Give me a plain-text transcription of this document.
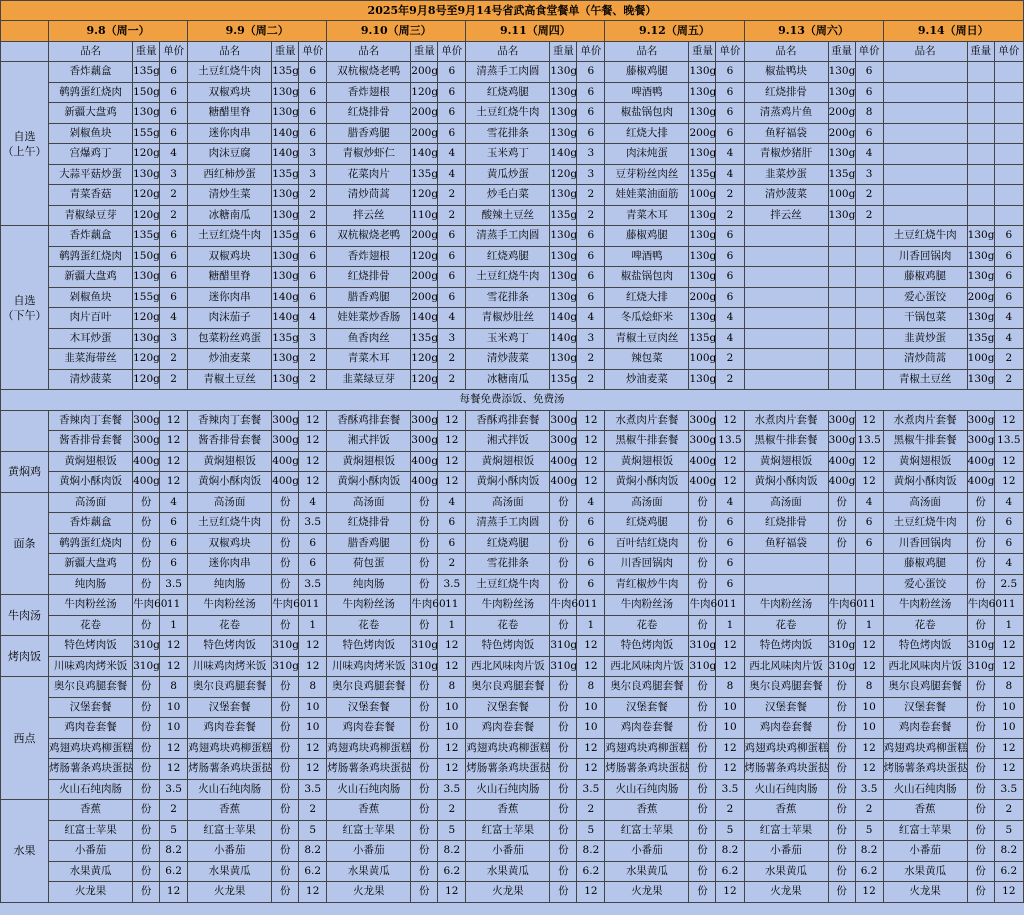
2025年9月8号至9月14号省武高食堂餐单（午餐、晚餐）																					
	9.8（周一）			9.9（周二）			9.10（周三）			9.11（周四）			9.12（周五）			9.13（周六）			9.14（周日）		
	品名	重量	单价	品名	重量	单价	品名	重量	单价	品名	重量	单价	品名	重量	单价	品名	重量	单价	品名	重量	单价
自选
（上午）	香炸藕盒	135g	6	土豆红烧牛肉	135g	6	双杭椒烧老鸭	200g	6	清蒸手工肉圆	130g	6	藤椒鸡腿	130g	6	椒盐鸭块	130g	6			
	鹌鹑蛋红烧肉	150g	6	双椒鸡块	130g	6	香炸翅根	120g	6	红烧鸡腿	130g	6	啤酒鸭	130g	6	红烧排骨	130g	6			
	新疆大盘鸡	130g	6	糖醋里脊	130g	6	红烧排骨	200g	6	土豆红烧牛肉	130g	6	椒盐锅包肉	130g	6	清蒸鸡片鱼	200g	8			
	剁椒鱼块	155g	6	迷你肉串	140g	6	腊香鸡腿	200g	6	雪花排条	130g	6	红烧大排	200g	6	鱼籽福袋	200g	6			
	宫爆鸡丁	120g	4	肉沫豆腐	140g	3	青椒炒虾仁	140g	4	玉米鸡丁	140g	3	肉沫炖蛋	130g	4	青椒炒猪肝	130g	4			
	大蒜平菇炒蛋	130g	3	西红柿炒蛋	135g	3	花菜肉片	135g	4	黄瓜炒蛋	120g	3	豆芽粉丝肉丝	135g	4	韭菜炒蛋	135g	3			
	青菜香菇	120g	2	清炒生菜	130g	2	清炒茼蒿	120g	2	炒毛白菜	130g	2	娃娃菜油面筋	100g	2	清炒菠菜	100g	2			
	青椒绿豆芽	120g	2	冰糖南瓜	130g	2	拌云丝	110g	2	酸辣土豆丝	135g	2	青菜木耳	130g	2	拌云丝	130g	2			
自选
（下午）	香炸藕盒	135g	6	土豆红烧牛肉	135g	6	双杭椒烧老鸭	200g	6	清蒸手工肉圆	130g	6	藤椒鸡腿	130g	6				土豆红烧牛肉	130g	6
	鹌鹑蛋红烧肉	150g	6	双椒鸡块	130g	6	香炸翅根	120g	6	红烧鸡腿	130g	6	啤酒鸭	130g	6				川香回锅肉	130g	6
	新疆大盘鸡	130g	6	糖醋里脊	130g	6	红烧排骨	200g	6	土豆红烧牛肉	130g	6	椒盐锅包肉	130g	6				藤椒鸡腿	130g	6
	剁椒鱼块	155g	6	迷你肉串	140g	6	腊香鸡腿	200g	6	雪花排条	130g	6	红烧大排	200g	6				爱心蛋饺	200g	6
	肉片百叶	120g	4	肉沫茄子	140g	4	娃娃菜炒香肠	140g	4	青椒炒肚丝	140g	4	冬瓜烩虾米	130g	4				干锅包菜	130g	4
	木耳炒蛋	130g	3	包菜粉丝鸡蛋	135g	3	鱼香肉丝	135g	3	玉米鸡丁	140g	3	青椒土豆肉丝	135g	4				韭黄炒蛋	135g	4
	韭菜海带丝	120g	2	炒油麦菜	130g	2	青菜木耳	120g	2	清炒菠菜	130g	2	辣包菜	100g	2				清炒茼蒿	100g	2
	清炒菠菜	120g	2	青椒土豆丝	130g	2	韭菜绿豆芽	120g	2	冰糖南瓜	135g	2	炒油麦菜	130g	2				青椒土豆丝	130g	2
每餐免费添饭、免费汤																					
	香辣肉丁套餐	300g	12	香辣肉丁套餐	300g	12	香酥鸡排套餐	300g	12	香酥鸡排套餐	300g	12	水煮肉片套餐	300g	12	水煮肉片套餐	300g	12	水煮肉片套餐	300g	12
	酱香排骨套餐	300g	12	酱香排骨套餐	300g	12	湘式拌饭	300g	12	湘式拌饭	300g	12	黑椒牛排套餐	300g	13.5	黑椒牛排套餐	300g	13.5	黑椒牛排套餐	300g	13.5
黄焖鸡	黄焖翅根饭	400g	12	黄焖翅根饭	400g	12	黄焖翅根饭	400g	12	黄焖翅根饭	400g	12	黄焖翅根饭	400g	12	黄焖翅根饭	400g	12	黄焖翅根饭	400g	12
	黄焖小酥肉饭	400g	12	黄焖小酥肉饭	400g	12	黄焖小酥肉饭	400g	12	黄焖小酥肉饭	400g	12	黄焖小酥肉饭	400g	12	黄焖小酥肉饭	400g	12	黄焖小酥肉饭	400g	12
面条	高汤面	份	4	高汤面	份	4	高汤面	份	4	高汤面	份	4	高汤面	份	4	高汤面	份	4	高汤面	份	4
	香炸藕盒	份	6	土豆红烧牛肉	份	3.5	红烧排骨	份	6	清蒸手工肉圆	份	6	红烧鸡腿	份	6	红烧排骨	份	6	土豆红烧牛肉	份	6
	鹌鹑蛋红烧肉	份	6	双椒鸡块	份	6	腊香鸡腿	份	6	红烧鸡腿	份	6	百叶结红烧肉	份	6	鱼籽福袋	份	6	川香回锅肉	份	6
	新疆大盘鸡	份	6	迷你肉串	份	6	荷包蛋	份	2	雪花排条	份	6	川香回锅肉	份	6				藤椒鸡腿	份	4
	纯肉肠	份	3.5	纯肉肠	份	3.5	纯肉肠	份	3.5	土豆红烧牛肉	份	6	青红椒炒牛肉	份	6				爱心蛋饺	份	2.5
牛肉汤	牛肉粉丝汤	牛肉60	11	牛肉粉丝汤	牛肉60	11	牛肉粉丝汤	牛肉60	11	牛肉粉丝汤	牛肉60	11	牛肉粉丝汤	牛肉60	11	牛肉粉丝汤	牛肉60	11	牛肉粉丝汤	牛肉60	11
	花卷	份	1	花卷	份	1	花卷	份	1	花卷	份	1	花卷	份	1	花卷	份	1	花卷	份	1
烤肉饭	特色烤肉饭	310g	12	特色烤肉饭	310g	12	特色烤肉饭	310g	12	特色烤肉饭	310g	12	特色烤肉饭	310g	12	特色烤肉饭	310g	12	特色烤肉饭	310g	12
	川味鸡肉烤米饭	310g	12	川味鸡肉烤米饭	310g	12	川味鸡肉烤米饭	310g	12	西北风味肉片饭	310g	12	西北风味肉片饭	310g	12	西北风味肉片饭	310g	12	西北风味肉片饭	310g	12
西点	奥尔良鸡腿套餐	份	8	奥尔良鸡腿套餐	份	8	奥尔良鸡腿套餐	份	8	奥尔良鸡腿套餐	份	8	奥尔良鸡腿套餐	份	8	奥尔良鸡腿套餐	份	8	奥尔良鸡腿套餐	份	8
	汉堡套餐	份	10	汉堡套餐	份	10	汉堡套餐	份	10	汉堡套餐	份	10	汉堡套餐	份	10	汉堡套餐	份	10	汉堡套餐	份	10
	鸡肉卷套餐	份	10	鸡肉卷套餐	份	10	鸡肉卷套餐	份	10	鸡肉卷套餐	份	10	鸡肉卷套餐	份	10	鸡肉卷套餐	份	10	鸡肉卷套餐	份	10
	鸡翅鸡块鸡柳蛋糕	份	12	鸡翅鸡块鸡柳蛋糕	份	12	鸡翅鸡块鸡柳蛋糕	份	12	鸡翅鸡块鸡柳蛋糕	份	12	鸡翅鸡块鸡柳蛋糕	份	12	鸡翅鸡块鸡柳蛋糕	份	12	鸡翅鸡块鸡柳蛋糕	份	12
	烤肠薯条鸡块蛋挞	份	12	烤肠薯条鸡块蛋挞	份	12	烤肠薯条鸡块蛋挞	份	12	烤肠薯条鸡块蛋挞	份	12	烤肠薯条鸡块蛋挞	份	12	烤肠薯条鸡块蛋挞	份	12	烤肠薯条鸡块蛋挞	份	12
	火山石纯肉肠	份	3.5	火山石纯肉肠	份	3.5	火山石纯肉肠	份	3.5	火山石纯肉肠	份	3.5	火山石纯肉肠	份	3.5	火山石纯肉肠	份	3.5	火山石纯肉肠	份	3.5
水果	香蕉	份	2	香蕉	份	2	香蕉	份	2	香蕉	份	2	香蕉	份	2	香蕉	份	2	香蕉	份	2
	红富士苹果	份	5	红富士苹果	份	5	红富士苹果	份	5	红富士苹果	份	5	红富士苹果	份	5	红富士苹果	份	5	红富士苹果	份	5
	小番茄	份	8.2	小番茄	份	8.2	小番茄	份	8.2	小番茄	份	8.2	小番茄	份	8.2	小番茄	份	8.2	小番茄	份	8.2
	水果黄瓜	份	6.2	水果黄瓜	份	6.2	水果黄瓜	份	6.2	水果黄瓜	份	6.2	水果黄瓜	份	6.2	水果黄瓜	份	6.2	水果黄瓜	份	6.2
	火龙果	份	12	火龙果	份	12	火龙果	份	12	火龙果	份	12	火龙果	份	12	火龙果	份	12	火龙果	份	12
